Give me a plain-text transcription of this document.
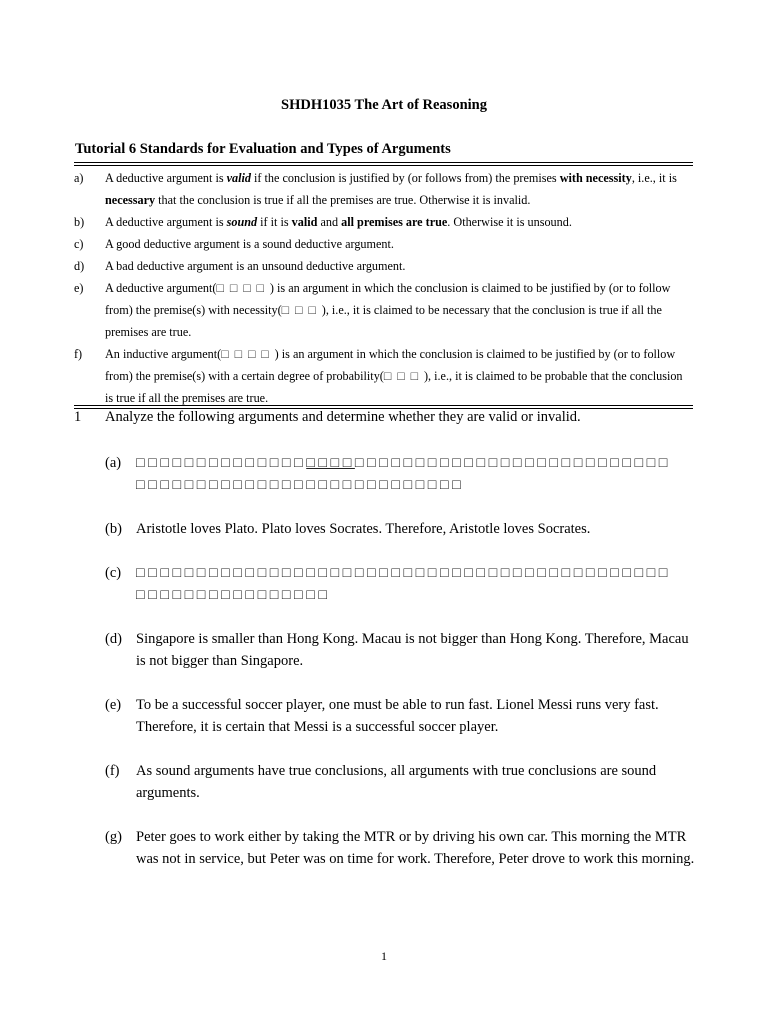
SHDH1035 The Art of Reasoning
Tutorial 6 Standards for Evaluation and Types of Arguments
a)	A deductive argument is valid if the conclusion is justified by (or follows from) the premises with necessity, i.e., it is necessary that the conclusion is true if all the premises are true. Otherwise it is invalid.
b)	A deductive argument is sound if it is valid and all premises are true. Otherwise it is unsound.
c)	A good deductive argument is a sound deductive argument.
d)	A bad deductive argument is an unsound deductive argument.
e)	A deductive argument(□□□□) is an argument in which the conclusion is claimed to be justified by (or to follow from) the premise(s) with necessity(□□□), i.e., it is claimed to be necessary that the conclusion is true if all the premises are true.
f)	An inductive argument(□□□□) is an argument in which the conclusion is claimed to be justified by (or to follow from) the premise(s) with a certain degree of probability(□□□), i.e., it is claimed to be probable that the conclusion is true if all the premises are true.
1	Analyze the following arguments and determine whether they are valid or invalid.
(a)	□□□□□□□□□□□□□□□□□□□□□□□□□□□□□□□□□□□□□□□□□□□□
□□□□□□□□□□□□□□□□□□□□□□□□□□□
(b) Aristotle loves Plato. Plato loves Socrates. Therefore, Aristotle loves Socrates.
(c)	□□□□□□□□□□□□□□□□□□□□□□□□□□□□□□□□□□□□□□□□□□□□
□□□□□□□□□□□□□□□□
(d) Singapore is smaller than Hong Kong. Macau is not bigger than Hong Kong. Therefore, Macau is not bigger than Singapore.
(e)	To be a successful soccer player, one must be able to run fast. Lionel Messi runs very fast. Therefore, it is certain that Messi is a successful soccer player.
(f)	As sound arguments have true conclusions, all arguments with true conclusions are sound arguments.
(g) Peter goes to work either by taking the MTR or by driving his own car. This morning the MTR was not in service, but Peter was on time for work. Therefore, Peter drove to work this morning.
1
